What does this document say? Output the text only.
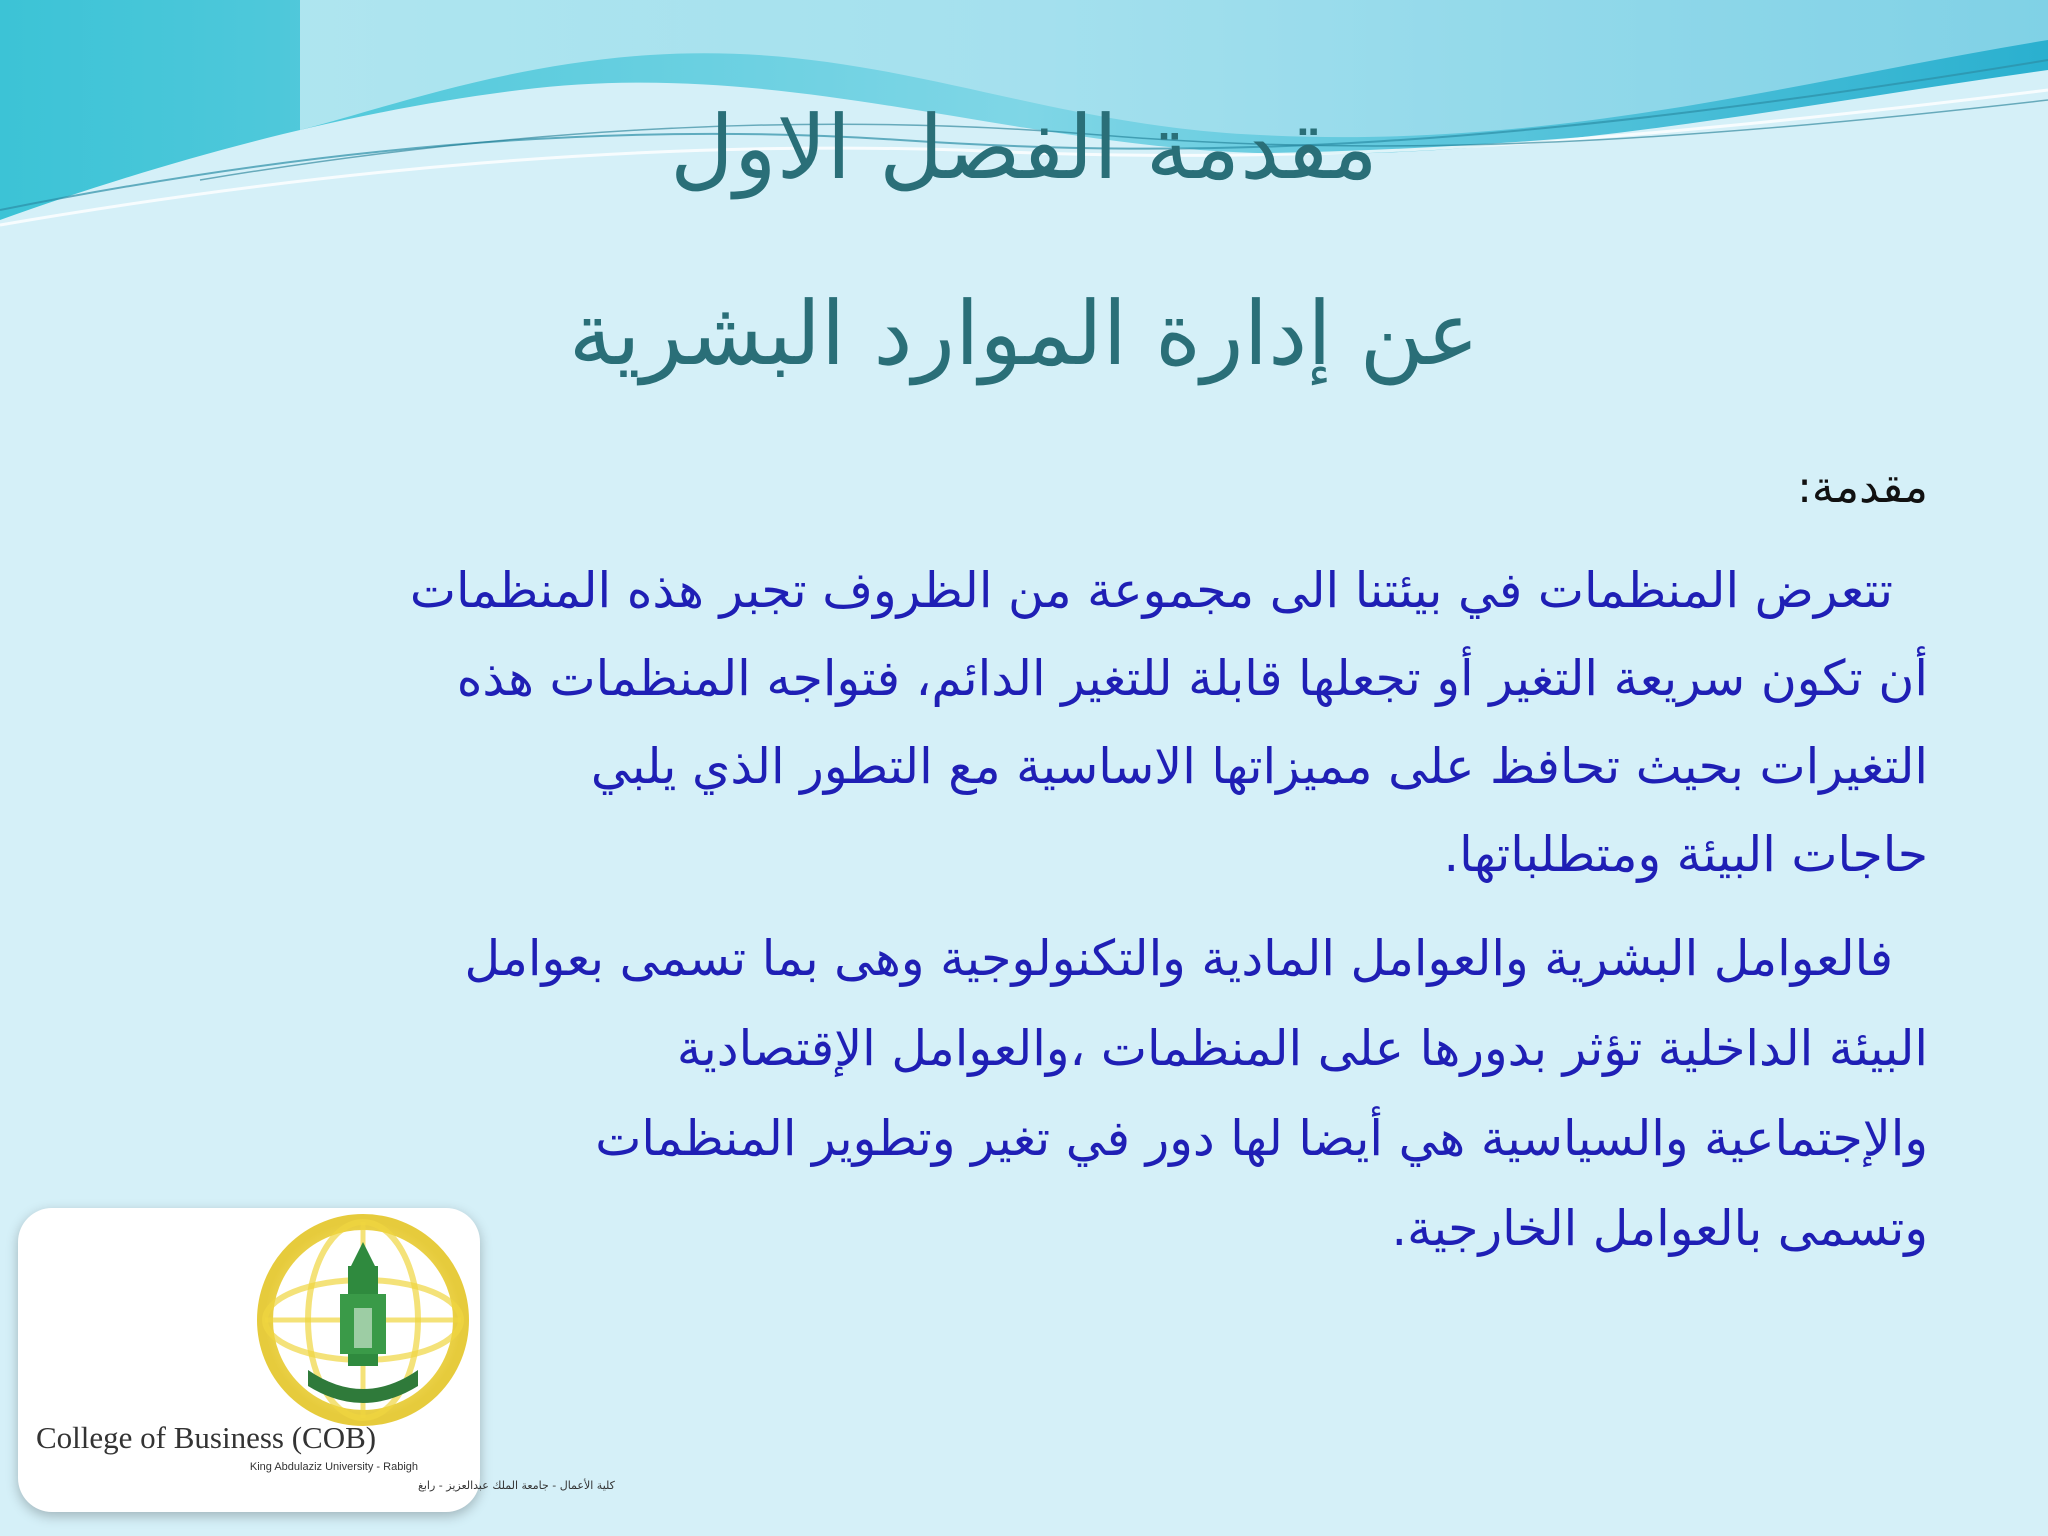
مقدمة الفصل الاول
عن إدارة الموارد البشرية
مقدمة:
تتعرض المنظمات في بيئتنا الى مجموعة من الظروف تجبر هذه المنظمات
أن تكون سريعة التغير أو تجعلها قابلة للتغير الدائم، فتواجه المنظمات هذه
التغيرات بحيث تحافظ على مميزاتها الاساسية مع التطور الذي يلبي
حاجات البيئة ومتطلباتها.
فالعوامل البشرية والعوامل المادية والتكنولوجية وهى بما تسمى بعوامل
البيئة الداخلية تؤثر بدورها على المنظمات ،والعوامل الإقتصادية
والإجتماعية والسياسية هي أيضا لها دور في تغير وتطوير المنظمات
وتسمى بالعوامل الخارجية.
College of Business (COB)
King Abdulaziz University - Rabigh
كلية الأعمال - جامعة الملك عبدالعزيز - رابغ
